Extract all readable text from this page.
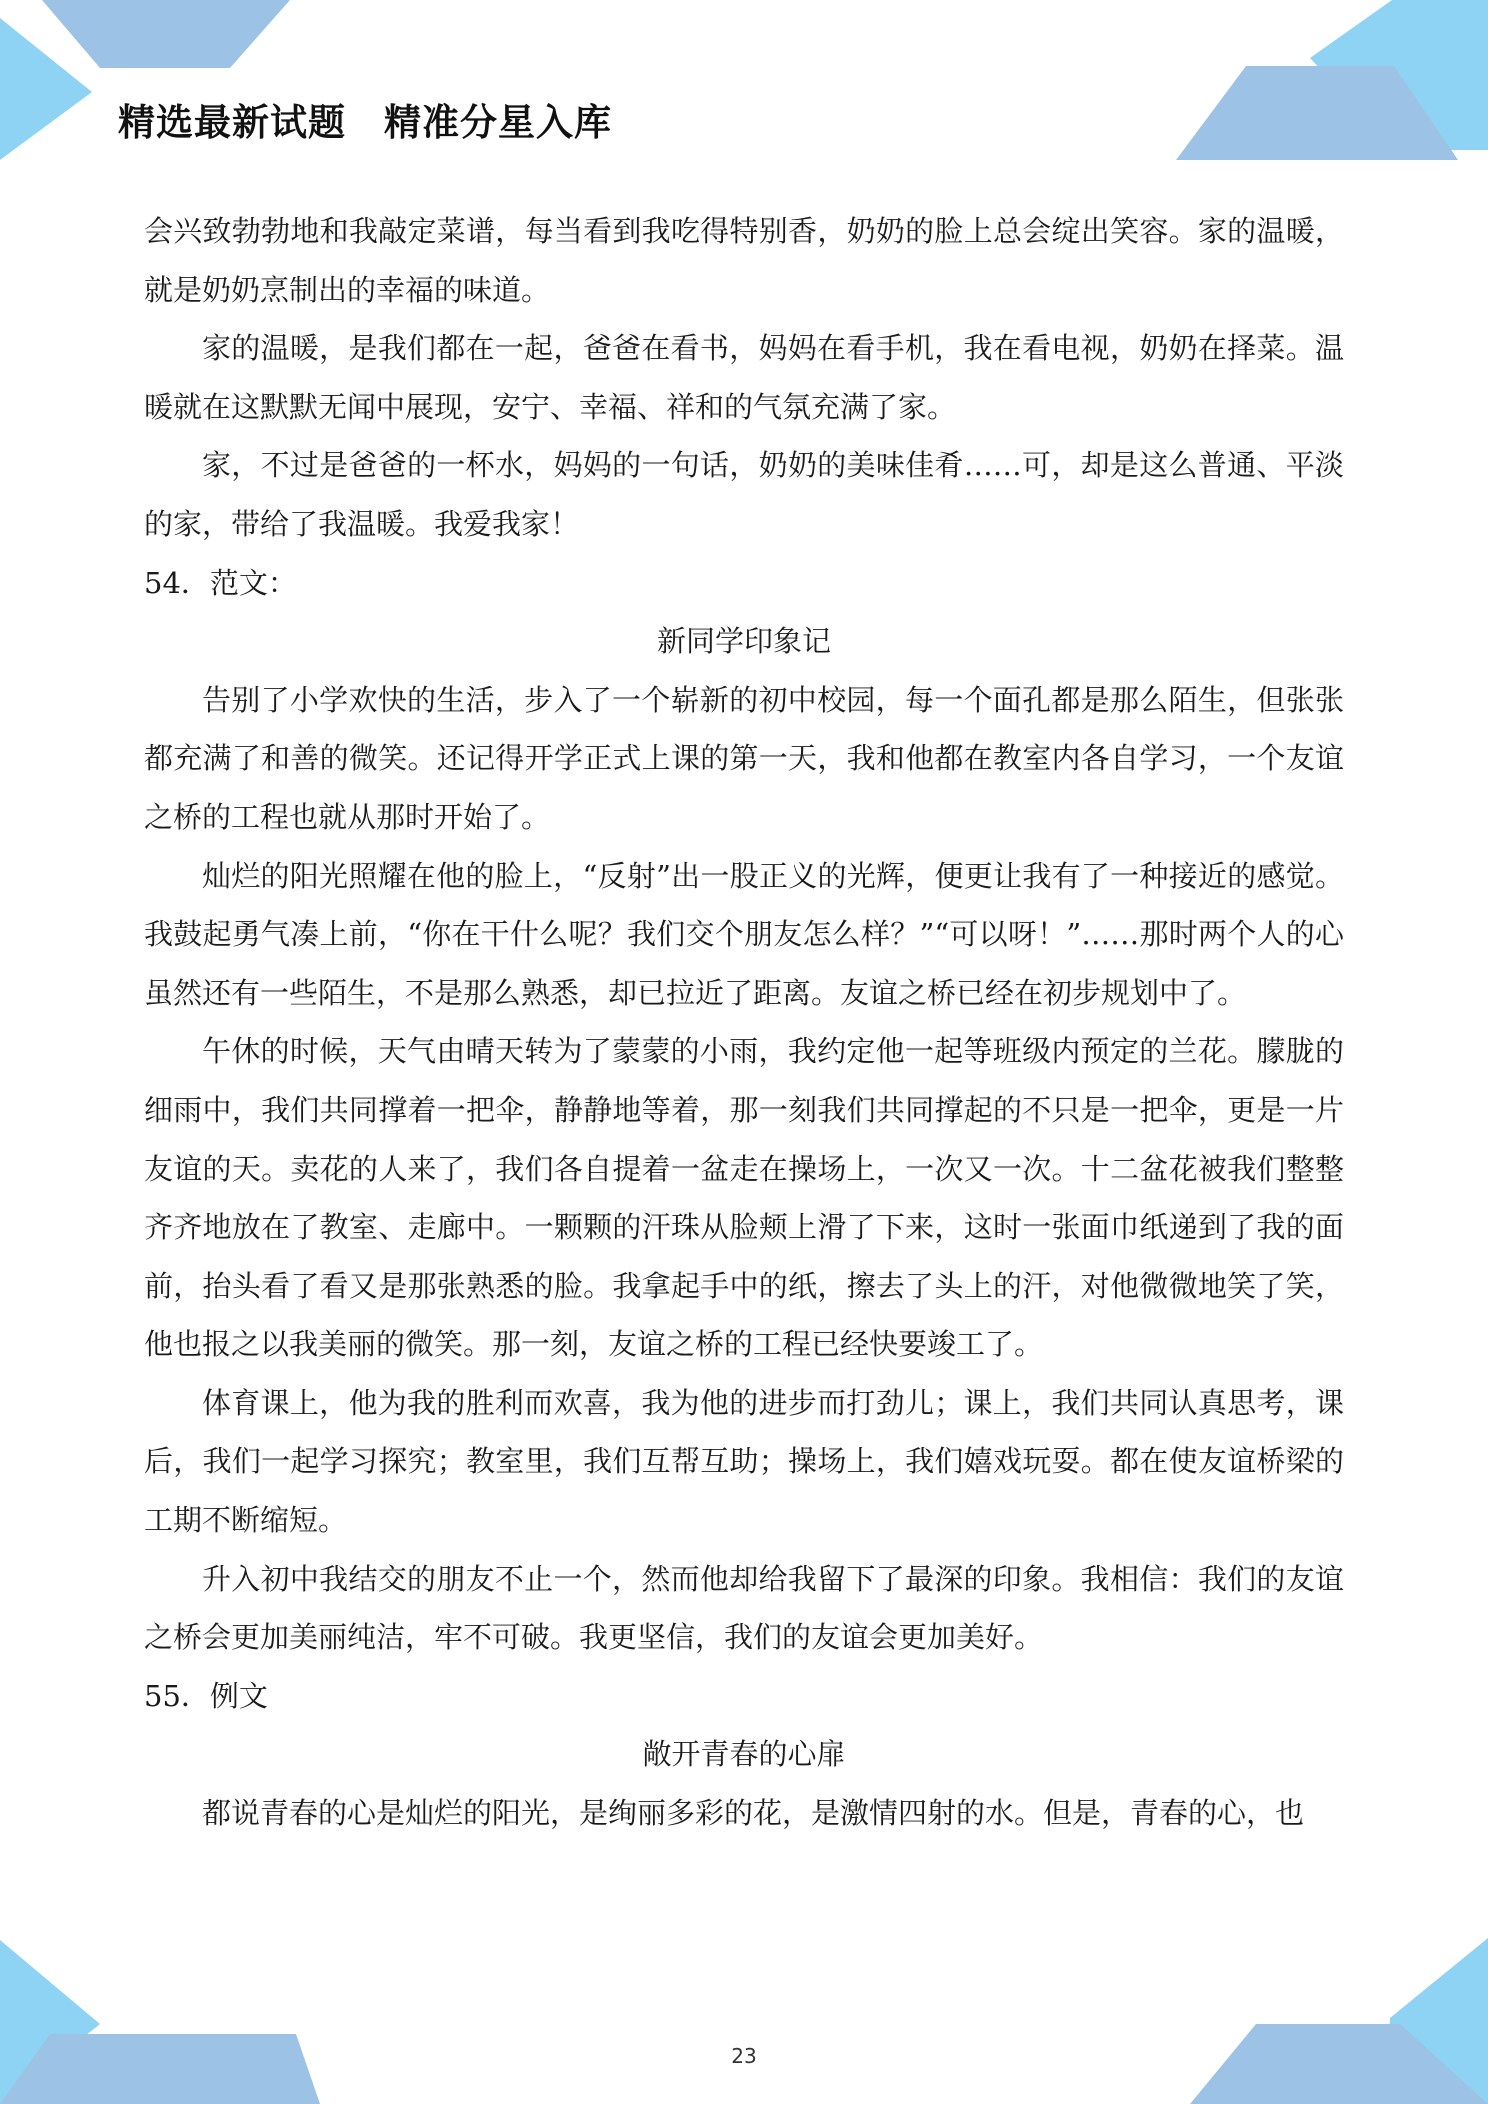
精选最新试题　精准分星入库

会兴致勃勃地和我敲定菜谱，每当看到我吃得特别香，奶奶的脸上总会绽出笑容。家的温暖，就是奶奶烹制出的幸福的味道。

家的温暖，是我们都在一起，爸爸在看书，妈妈在看手机，我在看电视，奶奶在择菜。温暖就在这默默无闻中展现，安宁、幸福、祥和的气氛充满了家。

家，不过是爸爸的一杯水，妈妈的一句话，奶奶的美味佳肴……可，却是这么普通、平淡的家，带给了我温暖。我爱我家！

54．范文：

新同学印象记

告别了小学欢快的生活，步入了一个崭新的初中校园，每一个面孔都是那么陌生，但张张都充满了和善的微笑。还记得开学正式上课的第一天，我和他都在教室内各自学习，一个友谊之桥的工程也就从那时开始了。

灿烂的阳光照耀在他的脸上，“反射”出一股正义的光辉，便更让我有了一种接近的感觉。我鼓起勇气凑上前，“你在干什么呢？我们交个朋友怎么样？”“可以呀！”……那时两个人的心虽然还有一些陌生，不是那么熟悉，却已拉近了距离。友谊之桥已经在初步规划中了。

午休的时候，天气由晴天转为了蒙蒙的小雨，我约定他一起等班级内预定的兰花。朦胧的细雨中，我们共同撑着一把伞，静静地等着，那一刻我们共同撑起的不只是一把伞，更是一片友谊的天。卖花的人来了，我们各自提着一盆走在操场上，一次又一次。十二盆花被我们整整齐齐地放在了教室、走廊中。一颗颗的汗珠从脸颊上滑了下来，这时一张面巾纸递到了我的面前，抬头看了看又是那张熟悉的脸。我拿起手中的纸，擦去了头上的汗，对他微微地笑了笑，他也报之以我美丽的微笑。那一刻，友谊之桥的工程已经快要竣工了。

体育课上，他为我的胜利而欢喜，我为他的进步而打劲儿；课上，我们共同认真思考，课后，我们一起学习探究；教室里，我们互帮互助；操场上，我们嬉戏玩耍。都在使友谊桥梁的工期不断缩短。

升入初中我结交的朋友不止一个，然而他却给我留下了最深的印象。我相信：我们的友谊之桥会更加美丽纯洁，牢不可破。我更坚信，我们的友谊会更加美好。

55．例文

敞开青春的心扉

都说青春的心是灿烂的阳光，是绚丽多彩的花，是激情四射的水。但是，青春的心，也

23
